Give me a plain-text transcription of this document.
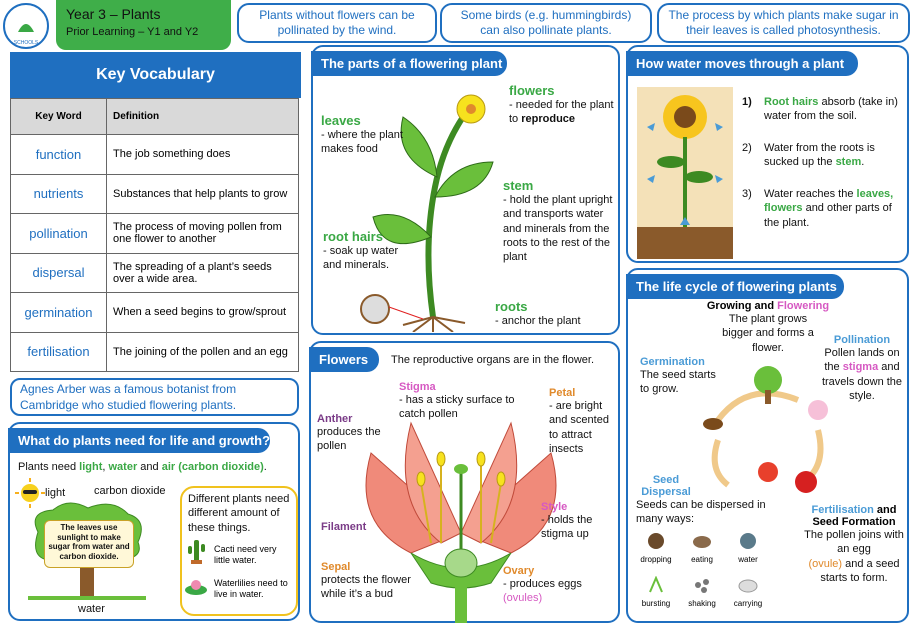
SCHOOLS
Year 3 – Plants
Prior Learning – Y1 and Y2
Plants without flowers can be pollinated by the wind.
Some birds (e.g. hummingbirds) can also pollinate plants.
The process by which plants make sugar in their leaves is called photosynthesis.
Key Vocabulary
Key Word	Definition
function	The job something does
nutrients	Substances that help plants to grow
pollination	The process of moving pollen from one flower to another
dispersal	The spreading of a plant’s seeds over a wide area.
germination	When a seed begins to grow/sprout
fertilisation	The joining of the pollen and an egg
Agnes Arber was a famous botanist from Cambridge who studied flowering plants.
What do plants need for life and growth?
Plants need light, water and air (carbon dioxide).
light	carbon dioxide
The leaves use sunlight to make sugar from water and carbon dioxide.
water
Different plants need different amount of these things.
Cacti need very little water.
Waterlilies need to live in water.
The parts of a flowering plant
leaves
- where the plant makes food
flowers
- needed for the plant to reproduce
stem
- hold the plant upright and transports water and minerals from the roots to the rest of the plant
root hairs
- soak up water and minerals.
roots
- anchor the plant
How water moves through a plant
1) Root hairs absorb (take in) water from the soil.
2) Water from the roots is sucked up the stem.
3) Water reaches the leaves, flowers and other parts of the plant.
Flowers	The reproductive organs are in the flower.
Stigma
- has a sticky surface to catch pollen
Anther
produces the pollen
Petal
- are bright and scented to attract insects
Style
- holds the stigma up
Filament
Sepal
protects the flower while it’s a bud
Ovary
- produces eggs
(ovules)
The life cycle of flowering plants
Growing and Flowering
The plant grows bigger and forms a flower.
Pollination
Pollen lands on the stigma and travels down the style.
Germination
The seed starts to grow.
Seed
Dispersal
Seeds can be dispersed in many ways:
dropping	eating	water
bursting	shaking	carrying
Fertilisation and
Seed Formation
The pollen joins with an egg
(ovule) and a seed starts to form.
